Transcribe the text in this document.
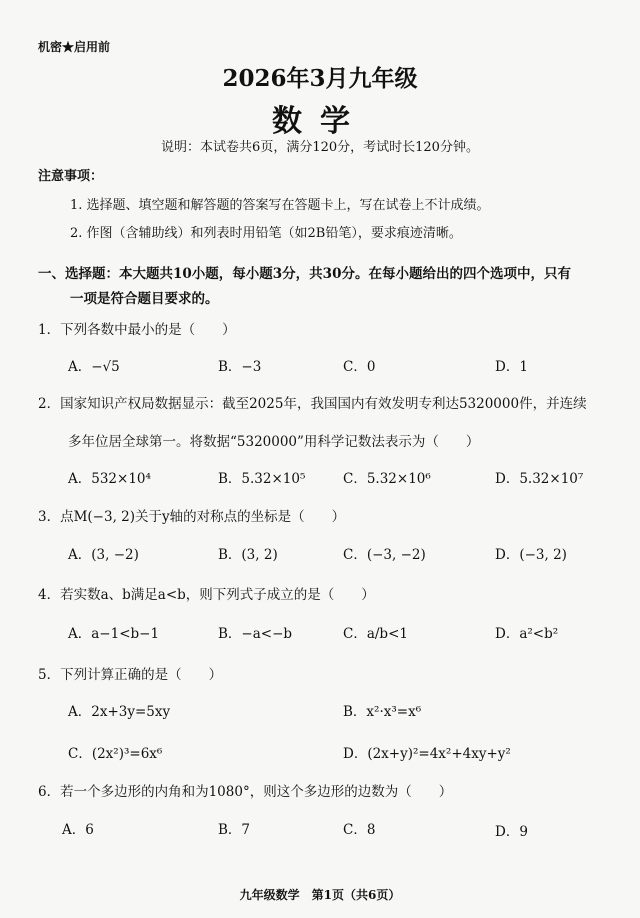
机密★启用前
2026年3月九年级
数学
说明：本试卷共6页，满分120分，考试时长120分钟。
注意事项：
1. 选择题、填空题和解答题的答案写在答题卡上，写在试卷上不计成绩。
2. 作图（含辅助线）和列表时用铅笔（如2B铅笔），要求痕迹清晰。
一、选择题：本大题共10小题，每小题3分，共30分。在每小题给出的四个选项中，只有
一项是符合题目要求的。
1．下列各数中最小的是（　　）
A．−√5	B．−3	C．0	D．1
2．国家知识产权局数据显示：截至2025年，我国国内有效发明专利达5320000件，并连续
多年位居全球第一。将数据“5320000”用科学记数法表示为（　　）
A．532×10⁴	B．5.32×10⁵	C．5.32×10⁶	D．5.32×10⁷
3．点M(−3, 2)关于y轴的对称点的坐标是（　　）
A．(3, −2)	B．(3, 2)	C．(−3, −2)	D．(−3, 2)
4．若实数a、b满足a<b，则下列式子成立的是（　　）
A．a−1<b−1	B．−a<−b	C．a/b<1	D．a²<b²
5．下列计算正确的是（　　）
A．2x+3y=5xy	B．x²·x³=x⁶
C．(2x²)³=6x⁶	D．(2x+y)²=4x²+4xy+y²
6．若一个多边形的内角和为1080°，则这个多边形的边数为（　　）
A．6	B．7	C．8	D．9
九年级数学　第1页（共6页）
